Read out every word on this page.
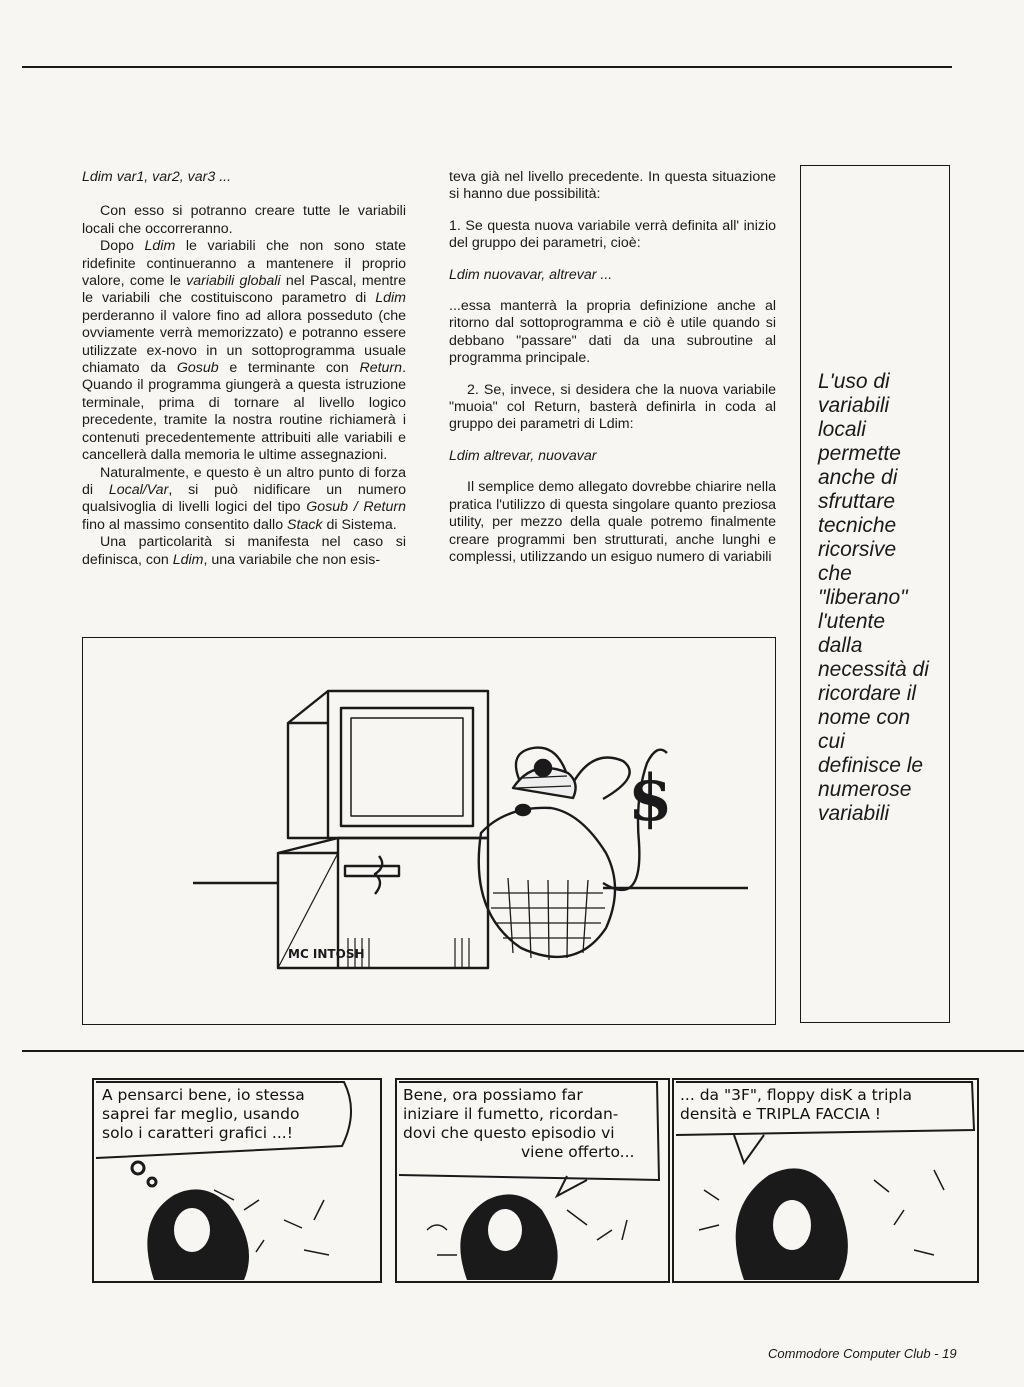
Ldim var1, var2, var3 ...

Con esso si potranno creare tutte le variabili locali che occorreranno.

Dopo Ldim le variabili che non sono state ridefinite continueranno a mantenere il proprio valore, come le variabili globali nel Pascal, mentre le variabili che costituiscono parametro di Ldim perderanno il valore fino ad allora posseduto (che ovviamente verrà memorizzato) e potranno essere utilizzate ex-novo in un sottoprogramma usuale chiamato da Gosub e terminante con Return. Quando il programma giungerà a questa istruzione terminale, prima di tornare al livello logico precedente, tramite la nostra routine richiamerà i contenuti precedentemente attribuiti alle variabili e cancellerà dalla memoria le ultime assegnazioni.

Naturalmente, e questo è un altro punto di forza di Local/Var, si può nidificare un numero qualsivoglia di livelli logici del tipo Gosub / Return fino al massimo consentito dallo Stack di Sistema.

Una particolarità si manifesta nel caso si definisca, con Ldim, una variabile che non esis-

teva già nel livello precedente. In questa situazione si hanno due possibilità:

1. Se questa nuova variabile verrà definita all' inizio del gruppo dei parametri, cioè:

Ldim nuovavar, altrevar ...

...essa manterrà la propria definizione anche al ritorno dal sottoprogramma e ciò è utile quando si debbano "passare" dati da una subroutine al programma principale.

2. Se, invece, si desidera che la nuova variabile "muoia" col Return, basterà definirla in coda al gruppo dei parametri di Ldim:

Ldim altrevar, nuovavar

Il semplice demo allegato dovrebbe chiarire nella pratica l'utilizzo di questa singolare quanto preziosa utility, per mezzo della quale potremo finalmente creare programmi ben strutturati, anche lunghi e complessi, utilizzando un esiguo numero di variabili

L'uso di
variabili
locali
permette
anche di
sfruttare
tecniche
ricorsive
che
"liberano"
l'utente
dalla
necessità di
ricordare il
nome con
cui
definisce le
numerose
variabili
$
MC INTOSH
A pensarci bene, io stessa
saprei far meglio, usando
solo i caratteri grafici ...!
Bene, ora possiamo far
iniziare il fumetto, ricordan-
dovi che questo episodio vi
viene offerto...
... da "3F", floppy disK a tripla
densità e TRIPLA FACCIA !
Commodore Computer Club - 19
